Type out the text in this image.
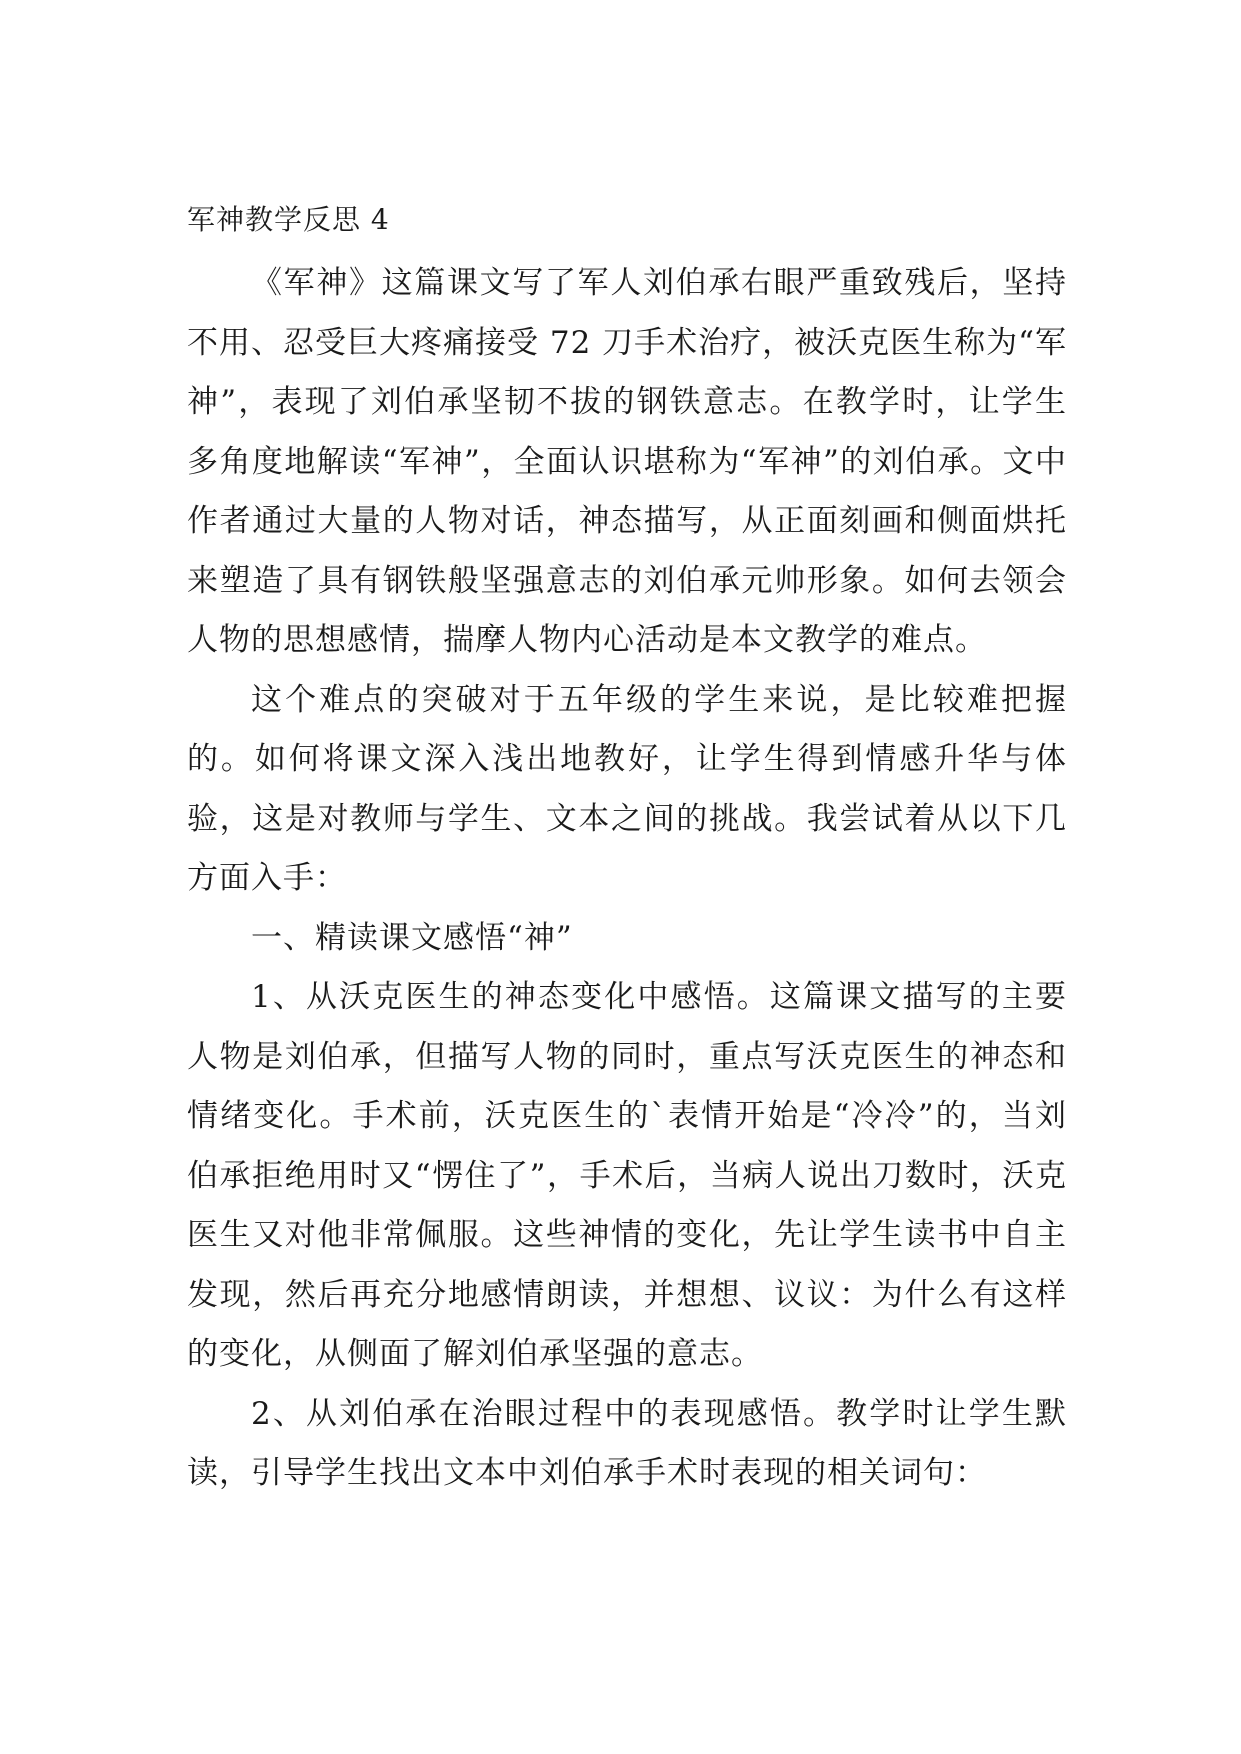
军神教学反思 4

《军神》这篇课文写了军人刘伯承右眼严重致残后，坚持不用、忍受巨大疼痛接受 72 刀手术治疗，被沃克医生称为“军神”，表现了刘伯承坚韧不拔的钢铁意志。在教学时，让学生多角度地解读“军神”，全面认识堪称为“军神”的刘伯承。文中作者通过大量的人物对话，神态描写，从正面刻画和侧面烘托来塑造了具有钢铁般坚强意志的刘伯承元帅形象。如何去领会人物的思想感情，揣摩人物内心活动是本文教学的难点。

这个难点的突破对于五年级的学生来说，是比较难把握的。如何将课文深入浅出地教好，让学生得到情感升华与体验，这是对教师与学生、文本之间的挑战。我尝试着从以下几方面入手：

一、精读课文感悟“神”

1、从沃克医生的神态变化中感悟。这篇课文描写的主要人物是刘伯承，但描写人物的同时，重点写沃克医生的神态和情绪变化。手术前，沃克医生的`表情开始是“冷冷”的，当刘伯承拒绝用时又“愣住了”，手术后，当病人说出刀数时，沃克医生又对他非常佩服。这些神情的变化，先让学生读书中自主发现，然后再充分地感情朗读，并想想、议议：为什么有这样的变化，从侧面了解刘伯承坚强的意志。

2、从刘伯承在治眼过程中的表现感悟。教学时让学生默读，引导学生找出文本中刘伯承手术时表现的相关词句：
